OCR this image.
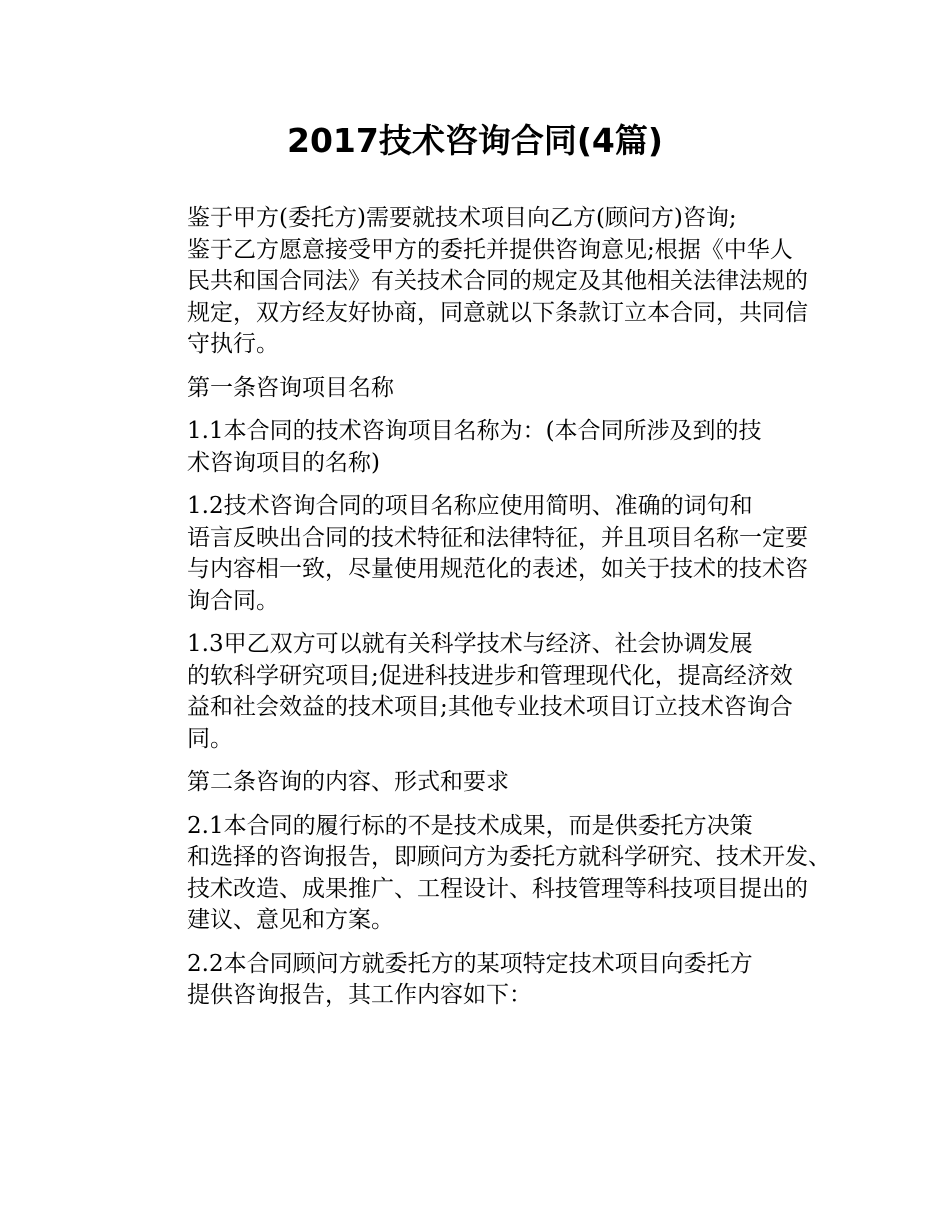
2017技术咨询合同(4篇)

鉴于甲方(委托方)需要就技术项目向乙方(顾问方)咨询;
鉴于乙方愿意接受甲方的委托并提供咨询意见;根据《中华人
民共和国合同法》有关技术合同的规定及其他相关法律法规的
规定，双方经友好协商，同意就以下条款订立本合同，共同信
守执行。

第一条咨询项目名称

1.1本合同的技术咨询项目名称为：(本合同所涉及到的技
术咨询项目的名称)

1.2技术咨询合同的项目名称应使用简明、准确的词句和
语言反映出合同的技术特征和法律特征，并且项目名称一定要
与内容相一致，尽量使用规范化的表述，如关于技术的技术咨
询合同。

1.3甲乙双方可以就有关科学技术与经济、社会协调发展
的软科学研究项目;促进科技进步和管理现代化，提高经济效
益和社会效益的技术项目;其他专业技术项目订立技术咨询合
同。

第二条咨询的内容、形式和要求

2.1本合同的履行标的不是技术成果，而是供委托方决策
和选择的咨询报告，即顾问方为委托方就科学研究、技术开发、
技术改造、成果推广、工程设计、科技管理等科技项目提出的
建议、意见和方案。

2.2本合同顾问方就委托方的某项特定技术项目向委托方
提供咨询报告，其工作内容如下：
